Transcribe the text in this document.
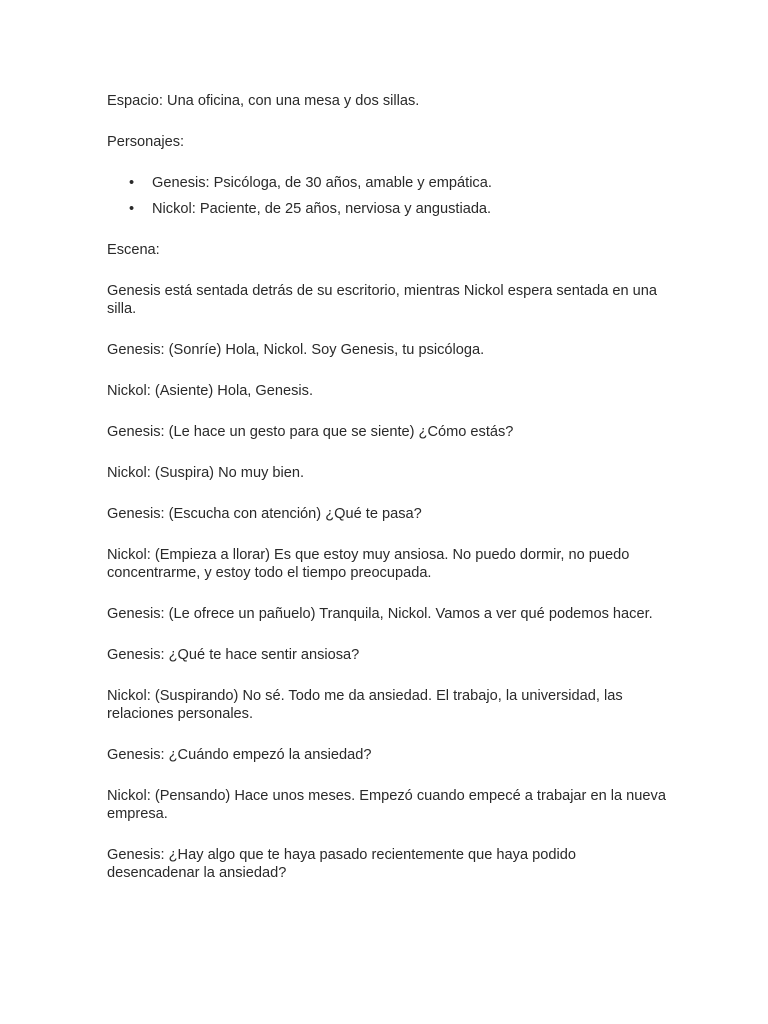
Espacio: Una oficina, con una mesa y dos sillas.

Personajes:

• Genesis: Psicóloga, de 30 años, amable y empática.
• Nickol: Paciente, de 25 años, nerviosa y angustiada.

Escena:

Genesis está sentada detrás de su escritorio, mientras Nickol espera sentada en una silla.

Genesis: (Sonríe) Hola, Nickol. Soy Genesis, tu psicóloga.

Nickol: (Asiente) Hola, Genesis.

Genesis: (Le hace un gesto para que se siente) ¿Cómo estás?

Nickol: (Suspira) No muy bien.

Genesis: (Escucha con atención) ¿Qué te pasa?

Nickol: (Empieza a llorar) Es que estoy muy ansiosa. No puedo dormir, no puedo concentrarme, y estoy todo el tiempo preocupada.

Genesis: (Le ofrece un pañuelo) Tranquila, Nickol. Vamos a ver qué podemos hacer.

Genesis: ¿Qué te hace sentir ansiosa?

Nickol: (Suspirando) No sé. Todo me da ansiedad. El trabajo, la universidad, las relaciones personales.

Genesis: ¿Cuándo empezó la ansiedad?

Nickol: (Pensando) Hace unos meses. Empezó cuando empecé a trabajar en la nueva empresa.

Genesis: ¿Hay algo que te haya pasado recientemente que haya podido desencadenar la ansiedad?
